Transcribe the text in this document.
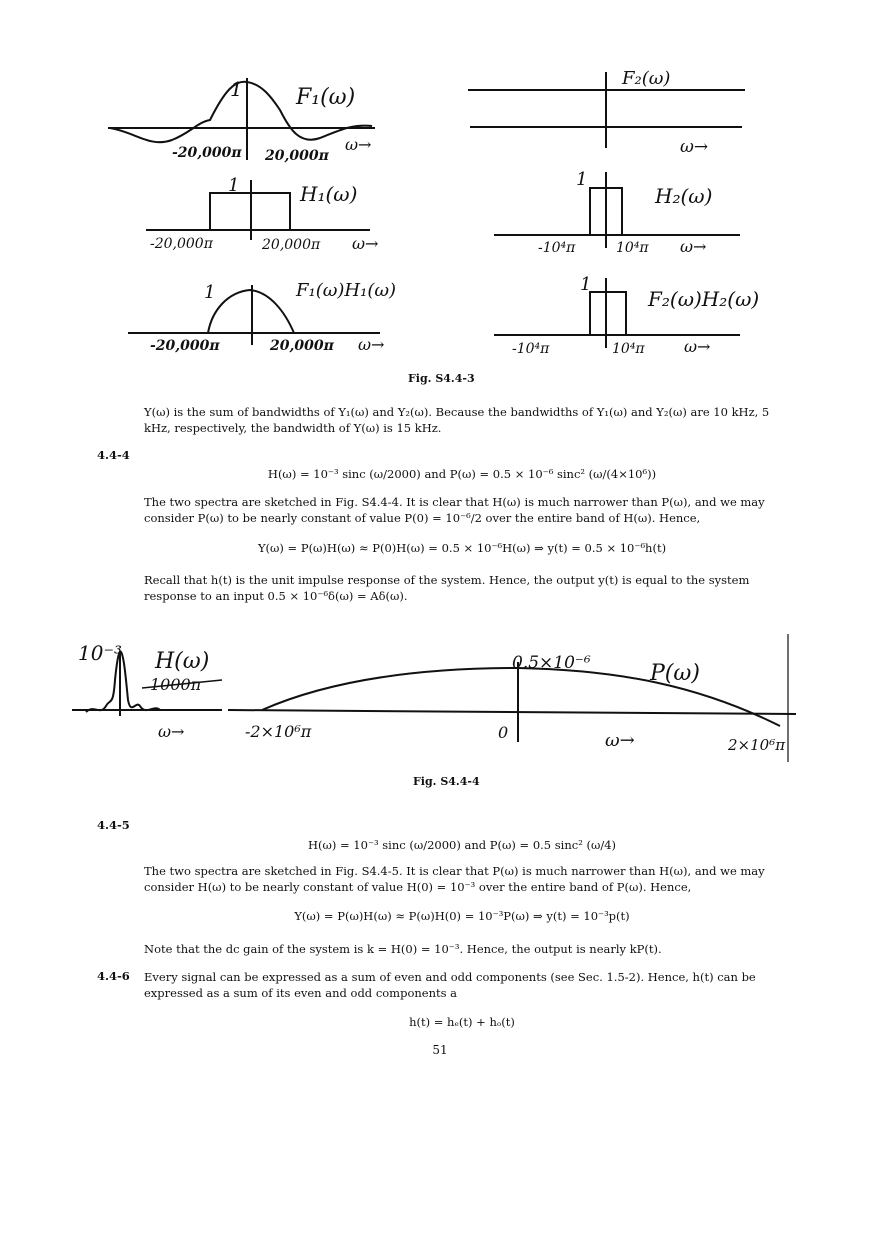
1 F₁(ω)
-20,000π 20,000π
ω→
F₂(ω)
ω→
1	H₁(ω)
-20,000π	20,000π ω→
1
H₂(ω)
-10⁴π	10⁴π ω→
1	F₁(ω)H₁(ω)
-20,000π	20,000π ω→
1
F₂(ω)H₂(ω)
-10⁴π	10⁴π ω→
Fig. S4.4-3
Y(ω) is the sum of bandwidths of Y₁(ω) and Y₂(ω). Because the bandwidths of Y₁(ω) and Y₂(ω) are 10 kHz, 5 kHz, respectively, the bandwidth of Y(ω) is 15 kHz.
4.4-4
H(ω) = 10⁻³ sinc (ω/2000) and P(ω) = 0.5 × 10⁻⁶ sinc² (ω/(4×10⁶))
The two spectra are sketched in Fig. S4.4-4. It is clear that H(ω) is much narrower than P(ω), and we may consider P(ω) to be nearly constant of value P(0) = 10⁻⁶/2 over the entire band of H(ω). Hence,
Y(ω) = P(ω)H(ω) ≈ P(0)H(ω) = 0.5 × 10⁻⁶H(ω) ⇒ y(t) = 0.5 × 10⁻⁶h(t)
Recall that h(t) is the unit impulse response of the system. Hence, the output y(t) is equal to the system response to an input 0.5 × 10⁻⁶δ(ω) = Aδ(ω).
10⁻³ H(ω)
1000π
ω→
0.5×10⁻⁶	P(ω)
-2×10⁶π	0	ω→	2×10⁶π
Fig. S4.4-4
4.4-5
H(ω) = 10⁻³ sinc (ω/2000) and P(ω) = 0.5 sinc² (ω/4)
The two spectra are sketched in Fig. S4.4-5. It is clear that P(ω) is much narrower than H(ω), and we may consider H(ω) to be nearly constant of value H(0) = 10⁻³ over the entire band of P(ω). Hence,
Y(ω) = P(ω)H(ω) ≈ P(ω)H(0) = 10⁻³P(ω) ⇒ y(t) = 10⁻³p(t)
Note that the dc gain of the system is k = H(0) = 10⁻³. Hence, the output is nearly kP(t).
4.4-6 Every signal can be expressed as a sum of even and odd components (see Sec. 1.5-2). Hence, h(t) can be expressed as a sum of its even and odd components a
h(t) = hₑ(t) + hₒ(t)
51
